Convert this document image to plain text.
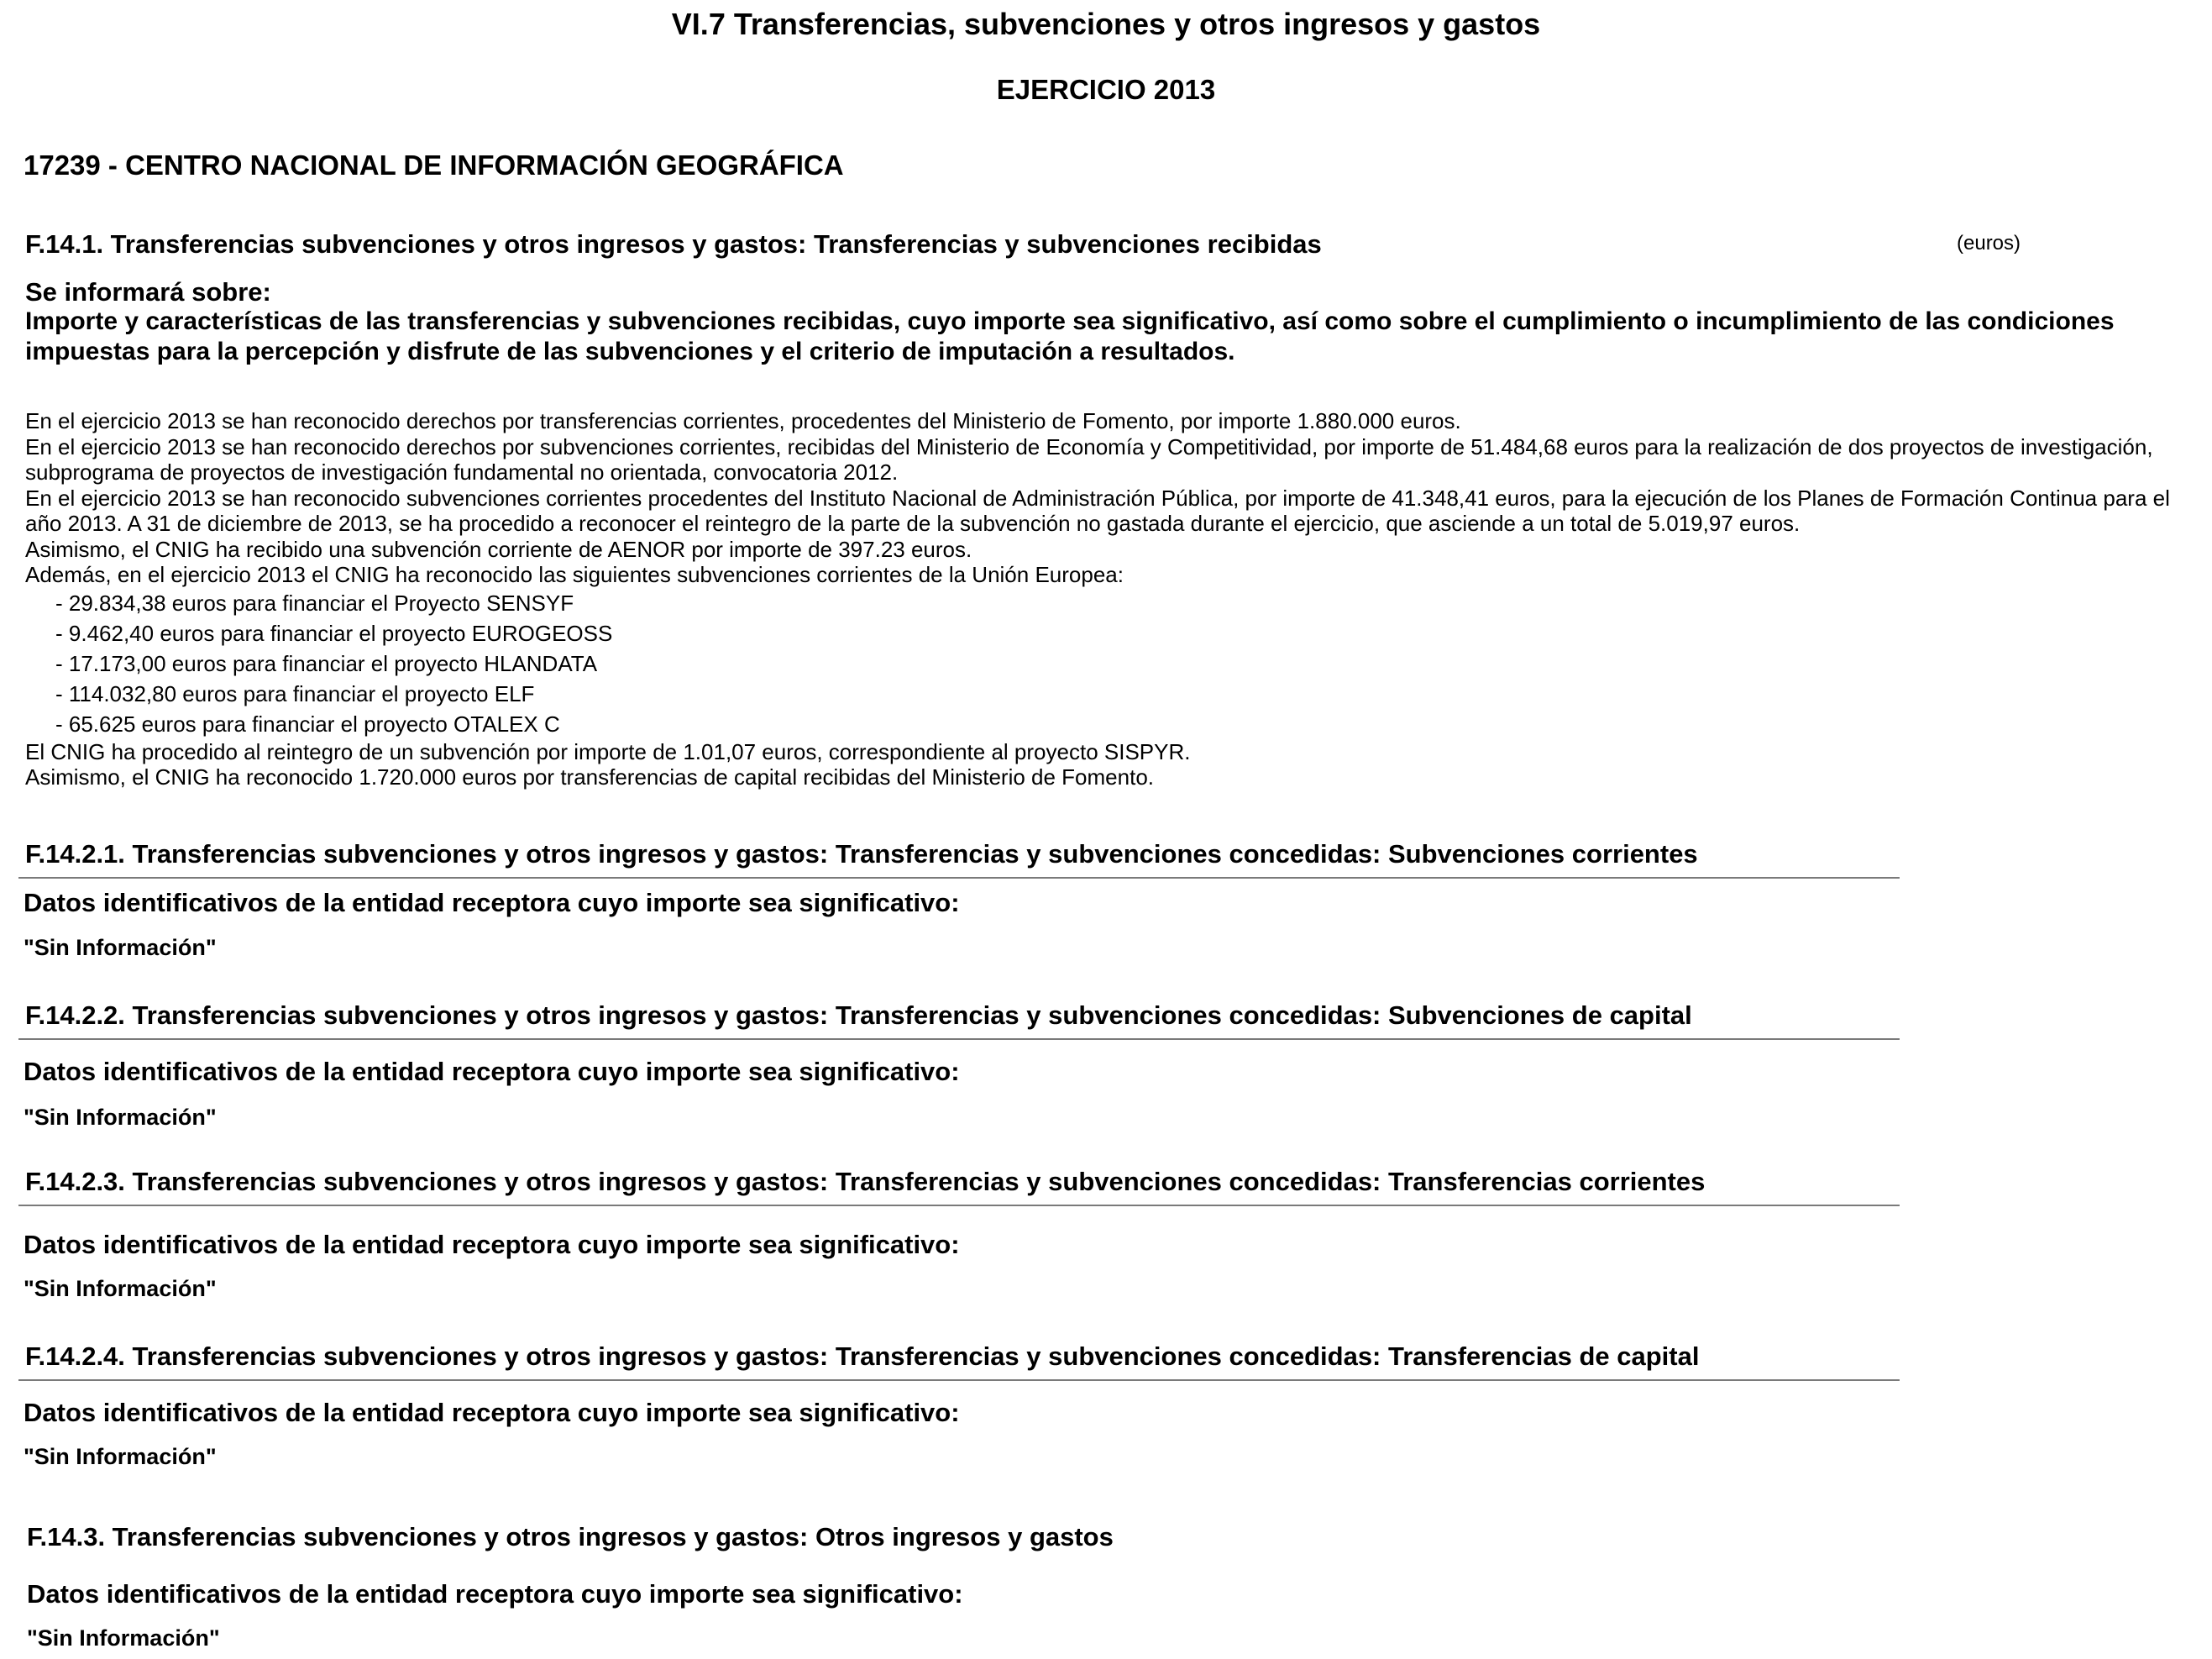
VI.7 Transferencias, subvenciones y otros ingresos y gastos
EJERCICIO 2013
17239 - CENTRO NACIONAL DE INFORMACIÓN GEOGRÁFICA
F.14.1. Transferencias subvenciones y otros ingresos y gastos: Transferencias y subvenciones recibidas	(euros)
Se informará sobre:
Importe y características de las transferencias y subvenciones recibidas, cuyo importe sea significativo, así como sobre el cumplimiento o incumplimiento de las condiciones impuestas para la percepción y disfrute de las subvenciones y el criterio de imputación a resultados.

En el ejercicio 2013 se han reconocido derechos por transferencias corrientes, procedentes del Ministerio de Fomento, por importe 1.880.000 euros.

En el ejercicio 2013 se han reconocido derechos por subvenciones corrientes, recibidas del Ministerio de Economía y Competitividad, por importe de 51.484,68 euros para la realización de dos proyectos de investigación, subprograma de proyectos de investigación fundamental no orientada, convocatoria 2012.

En el ejercicio 2013 se han reconocido subvenciones corrientes procedentes del Instituto Nacional de Administración Pública, por importe de 41.348,41 euros, para la ejecución de los Planes de Formación Continua para el año 2013. A 31 de diciembre de 2013, se ha procedido a reconocer el reintegro de la parte de la subvención no gastada durante el ejercicio, que asciende a un total de 5.019,97 euros.

Asimismo, el CNIG ha recibido una subvención corriente de AENOR por importe de 397.23 euros.

Además, en el ejercicio 2013 el CNIG ha reconocido las siguientes subvenciones corrientes de la Unión Europea:

- 29.834,38 euros para financiar el Proyecto SENSYF
- 9.462,40 euros para financiar el proyecto EUROGEOSS
- 17.173,00 euros para financiar el proyecto HLANDATA
- 114.032,80 euros para financiar el proyecto ELF
- 65.625 euros para financiar el proyecto OTALEX C

El CNIG ha procedido al reintegro de un subvención por importe de 1.01,07 euros, correspondiente al proyecto SISPYR.

Asimismo, el CNIG ha reconocido 1.720.000 euros por transferencias de capital recibidas del Ministerio de Fomento.

F.14.2.1. Transferencias subvenciones y otros ingresos y gastos: Transferencias y subvenciones concedidas: Subvenciones corrientes
Datos identificativos de la entidad receptora cuyo importe sea significativo:
"Sin Información"
F.14.2.2. Transferencias subvenciones y otros ingresos y gastos: Transferencias y subvenciones concedidas: Subvenciones de capital
Datos identificativos de la entidad receptora cuyo importe sea significativo:
"Sin Información"
F.14.2.3. Transferencias subvenciones y otros ingresos y gastos: Transferencias y subvenciones concedidas: Transferencias corrientes
Datos identificativos de la entidad receptora cuyo importe sea significativo:
"Sin Información"
F.14.2.4. Transferencias subvenciones y otros ingresos y gastos: Transferencias y subvenciones concedidas: Transferencias de capital
Datos identificativos de la entidad receptora cuyo importe sea significativo:
"Sin Información"
F.14.3. Transferencias subvenciones y otros ingresos y gastos: Otros ingresos y gastos
Datos identificativos de la entidad receptora cuyo importe sea significativo:
"Sin Información"
